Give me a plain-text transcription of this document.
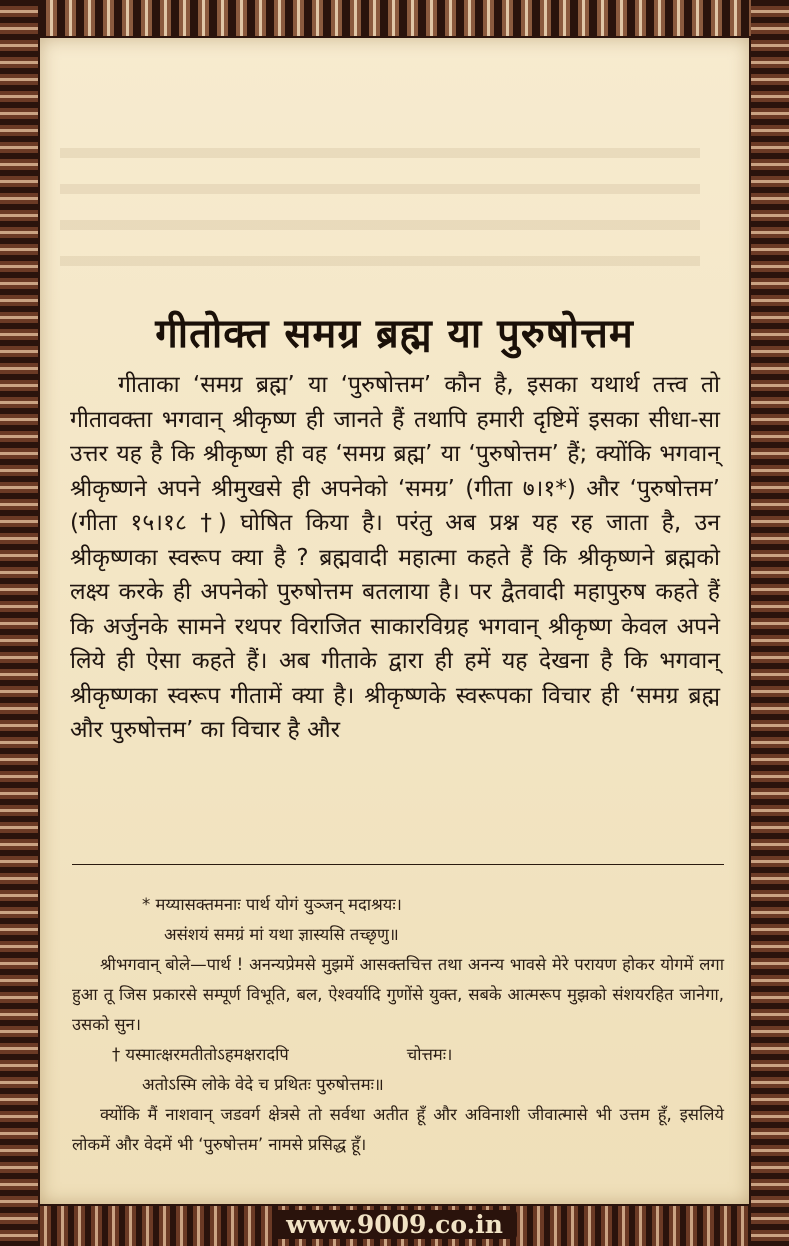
गीतोक्त समग्र ब्रह्म या पुरुषोत्तम

गीताका ‘समग्र ब्रह्म’ या ‘पुरुषोत्तम’ कौन है, इसका यथार्थ तत्त्व तो गीतावक्ता भगवान् श्रीकृष्ण ही जानते हैं तथापि हमारी दृष्टिमें इसका सीधा-सा उत्तर यह है कि श्रीकृष्ण ही वह ‘समग्र ब्रह्म’ या ‘पुरुषोत्तम’ हैं; क्योंकि भगवान् श्रीकृष्णने अपने श्रीमुखसे ही अपनेको ‘समग्र’ (गीता ७।१*) और ‘पुरुषोत्तम’ (गीता १५।१८ †) घोषित किया है। परंतु अब प्रश्न यह रह जाता है, उन श्रीकृष्णका स्वरूप क्या है ? ब्रह्मवादी महात्मा कहते हैं कि श्रीकृष्णने ब्रह्मको लक्ष्य करके ही अपनेको पुरुषोत्तम बतलाया है। पर द्वैतवादी महापुरुष कहते हैं कि अर्जुनके सामने रथपर विराजित साकारविग्रह भगवान् श्रीकृष्ण केवल अपने लिये ही ऐसा कहते हैं। अब गीताके द्वारा ही हमें यह देखना है कि भगवान् श्रीकृष्णका स्वरूप गीतामें क्या है। श्रीकृष्णके स्वरूपका विचार ही ‘समग्र ब्रह्म और पुरुषोत्तम’ का विचार है और

* मय्यासक्तमनाः पार्थ योगं युञ्जन् मदाश्रयः।
असंशयं समग्रं मां यथा ज्ञास्यसि तच्छृणु॥

श्रीभगवान् बोले—पार्थ ! अनन्यप्रेमसे मुझमें आसक्तचित्त तथा अनन्य भावसे मेरे परायण होकर योगमें लगा हुआ तू जिस प्रकारसे सम्पूर्ण विभूति, बल, ऐश्वर्यादि गुणोंसे युक्त, सबके आत्मरूप मुझको संशयरहित जानेगा, उसको सुन।

† यस्मात्क्षरमतीतोऽहमक्षरादपि	चोत्तमः।
अतोऽस्मि लोके वेदे च प्रथितः पुरुषोत्तमः॥

क्योंकि मैं नाशवान् जडवर्ग क्षेत्रसे तो सर्वथा अतीत हूँ और अविनाशी जीवात्मासे भी उत्तम हूँ, इसलिये लोकमें और वेदमें भी ‘पुरुषोत्तम’ नामसे प्रसिद्ध हूँ।

www.9009.co.in
